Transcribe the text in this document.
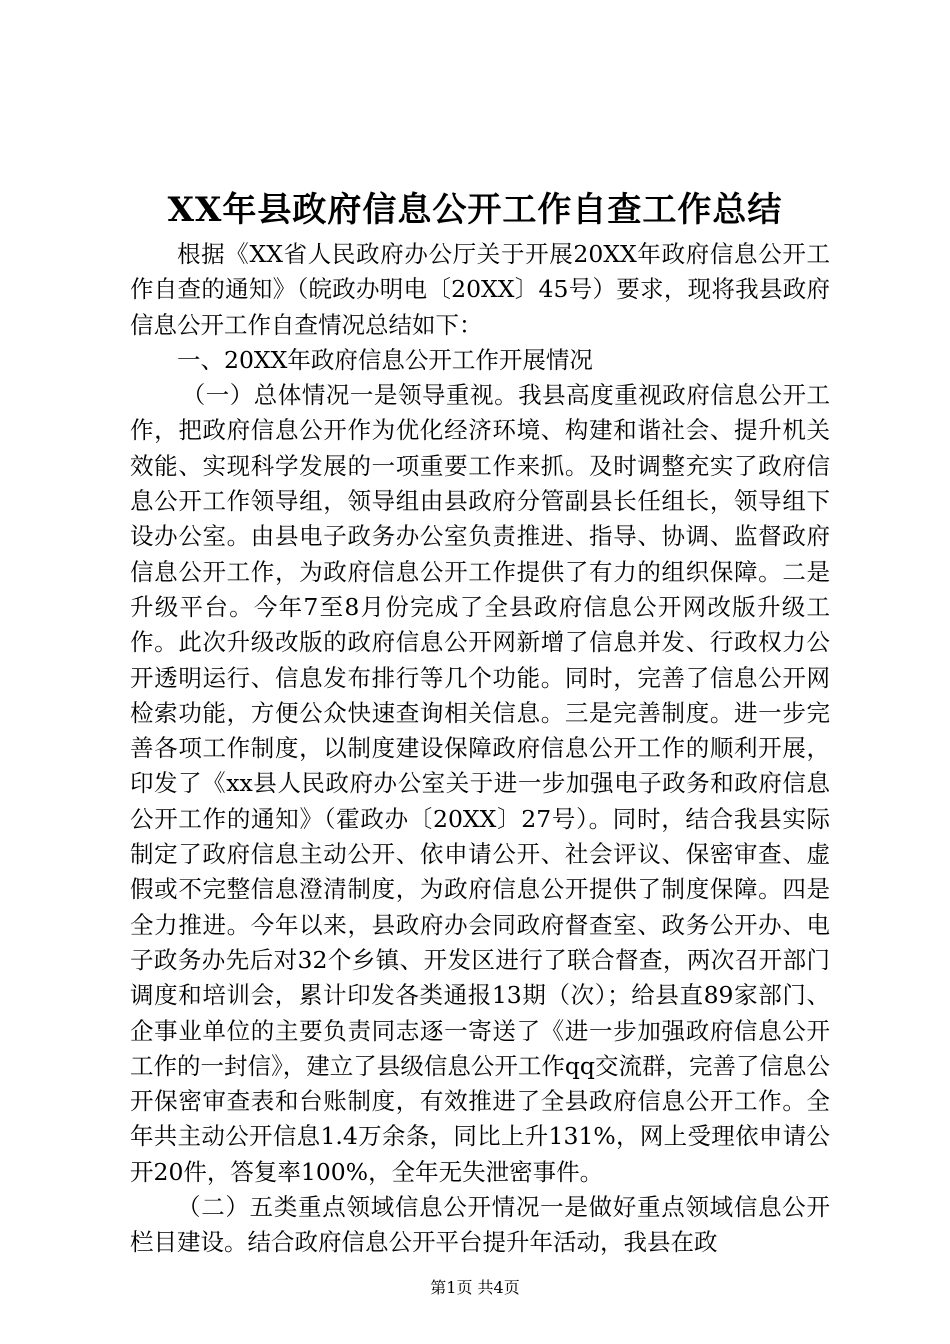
XX年县政府信息公开工作自查工作总结

根据《XX省人民政府办公厅关于开展20XX年政府信息公开工作自查的通知》（皖政办明电〔20XX〕45号）要求，现将我县政府信息公开工作自查情况总结如下：

一、20XX年政府信息公开工作开展情况

（一）总体情况一是领导重视。我县高度重视政府信息公开工作，把政府信息公开作为优化经济环境、构建和谐社会、提升机关效能、实现科学发展的一项重要工作来抓。及时调整充实了政府信息公开工作领导组，领导组由县政府分管副县长任组长，领导组下设办公室。由县电子政务办公室负责推进、指导、协调、监督政府信息公开工作，为政府信息公开工作提供了有力的组织保障。二是升级平台。今年7至8月份完成了全县政府信息公开网改版升级工作。此次升级改版的政府信息公开网新增了信息并发、行政权力公开透明运行、信息发布排行等几个功能。同时，完善了信息公开网检索功能，方便公众快速查询相关信息。三是完善制度。进一步完善各项工作制度，以制度建设保障政府信息公开工作的顺利开展，印发了《xx县人民政府办公室关于进一步加强电子政务和政府信息公开工作的通知》（霍政办〔20XX〕27号）。同时，结合我县实际制定了政府信息主动公开、依申请公开、社会评议、保密审查、虚假或不完整信息澄清制度，为政府信息公开提供了制度保障。四是全力推进。今年以来，县政府办会同政府督查室、政务公开办、电子政务办先后对32个乡镇、开发区进行了联合督查，两次召开部门调度和培训会，累计印发各类通报13期（次）；给县直89家部门、企事业单位的主要负责同志逐一寄送了《进一步加强政府信息公开工作的一封信》，建立了县级信息公开工作qq交流群，完善了信息公开保密审查表和台账制度，有效推进了全县政府信息公开工作。全年共主动公开信息1.4万余条，同比上升131%，网上受理依申请公开20件，答复率100%，全年无失泄密事件。

（二）五类重点领域信息公开情况一是做好重点领域信息公开栏目建设。结合政府信息公开平台提升年活动，我县在政

第1页 共4页
